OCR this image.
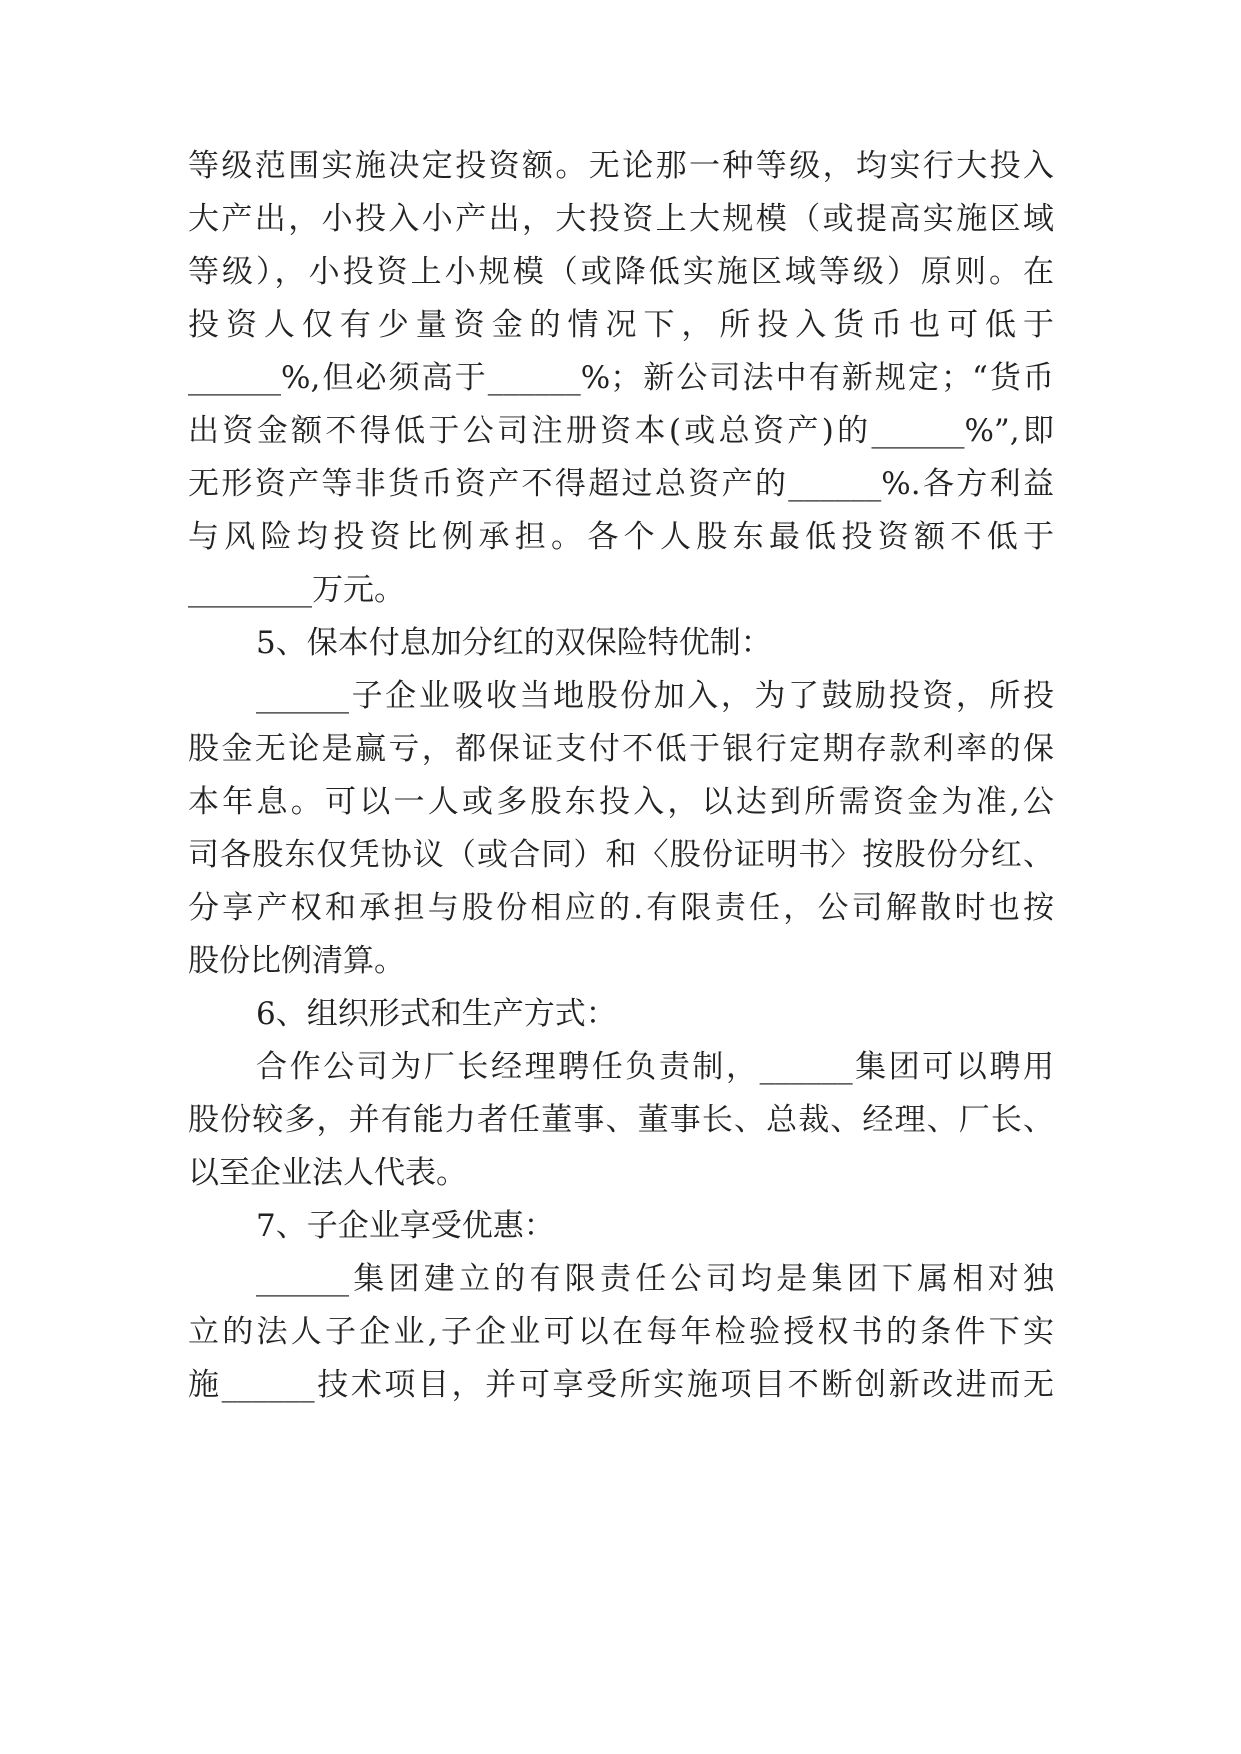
等级范围实施决定投资额。无论那一种等级，均实行大投入
大产出，小投入小产出，大投资上大规模（或提高实施区域
等级），小投资上小规模（或降低实施区域等级）原则。在
投资人仅有少量资金的情况下，所投入货币也可低于
______%,但必须高于______%；新公司法中有新规定；“货币
出资金额不得低于公司注册资本(或总资产)的______%”,即
无形资产等非货币资产不得超过总资产的______%.各方利益
与风险均投资比例承担。各个人股东最低投资额不低于
________万元。
5、保本付息加分红的双保险特优制：
______子企业吸收当地股份加入，为了鼓励投资，所投
股金无论是赢亏，都保证支付不低于银行定期存款利率的保
本年息。可以一人或多股东投入，以达到所需资金为准,公
司各股东仅凭协议（或合同）和〈股份证明书〉按股份分红、
分享产权和承担与股份相应的.有限责任，公司解散时也按
股份比例清算。
6、组织形式和生产方式：
合作公司为厂长经理聘任负责制，______集团可以聘用
股份较多，并有能力者任董事、董事长、总裁、经理、厂长、
以至企业法人代表。
7、子企业享受优惠：
______集团建立的有限责任公司均是集团下属相对独
立的法人子企业,子企业可以在每年检验授权书的条件下实
施______技术项目，并可享受所实施项目不断创新改进而无
